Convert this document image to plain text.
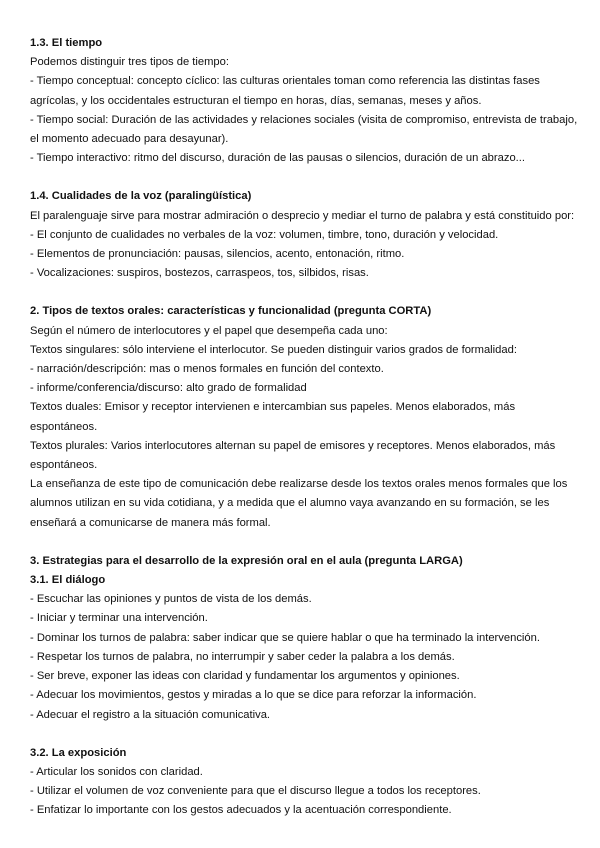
1.3. El tiempo

Podemos distinguir tres tipos de tiempo:

- Tiempo conceptual: concepto cíclico: las culturas orientales toman como referencia las distintas fases agrícolas, y los occidentales estructuran el tiempo en horas, días, semanas, meses y años.

- Tiempo social: Duración de las actividades y relaciones sociales (visita de compromiso, entrevista de trabajo, el momento adecuado para desayunar).

- Tiempo interactivo: ritmo del discurso, duración de las pausas o silencios, duración de un abrazo...

1.4. Cualidades de la voz (paralingüística)

El paralenguaje sirve para mostrar admiración o desprecio y mediar el turno de palabra y está constituido por:

- El conjunto de cualidades no verbales de la voz: volumen, timbre, tono, duración y velocidad.

- Elementos de pronunciación: pausas, silencios, acento, entonación, ritmo.

- Vocalizaciones: suspiros, bostezos, carraspeos, tos, silbidos, risas.

2. Tipos de textos orales: características y funcionalidad (pregunta CORTA)

Según el número de interlocutores y el papel que desempeña cada uno:

Textos singulares: sólo interviene el interlocutor. Se pueden distinguir varios grados de formalidad:

- narración/descripción: mas o menos formales en función del contexto.

- informe/conferencia/discurso: alto grado de formalidad

Textos duales: Emisor y receptor intervienen e intercambian sus papeles. Menos elaborados, más espontáneos.

Textos plurales: Varios interlocutores alternan su papel de emisores y receptores. Menos elaborados, más espontáneos.

La enseñanza de este tipo de comunicación debe realizarse desde los textos orales menos formales que los alumnos utilizan en su vida cotidiana, y a medida que el alumno vaya avanzando en su formación, se les enseñará a comunicarse de manera más formal.

3. Estrategias para el desarrollo de la expresión oral en el aula (pregunta LARGA)

3.1. El diálogo

- Escuchar las opiniones y puntos de vista de los demás.

- Iniciar y terminar una intervención.

- Dominar los turnos de palabra: saber indicar que se quiere hablar o que ha terminado la intervención.

- Respetar los turnos de palabra, no interrumpir y saber ceder la palabra a los demás.

- Ser breve, exponer las ideas con claridad y fundamentar los argumentos y opiniones.

- Adecuar los movimientos, gestos y miradas a lo que se dice para reforzar la información.

- Adecuar el registro a la situación comunicativa.

3.2. La exposición

- Articular los sonidos con claridad.

- Utilizar el volumen de voz conveniente para que el discurso llegue a todos los receptores.

- Enfatizar lo importante con los gestos adecuados y la acentuación correspondiente.
